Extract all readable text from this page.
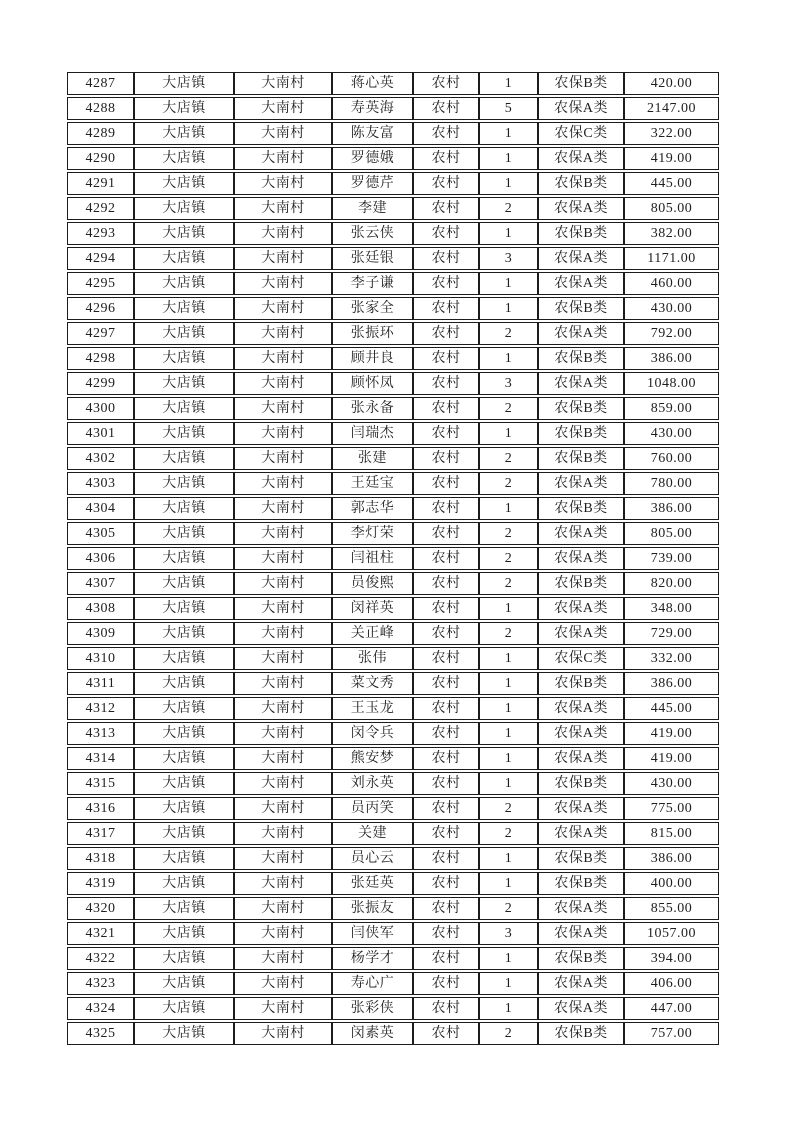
4287	大店镇	大南村	蒋心英	农村	1	农保B类	420.00
4288	大店镇	大南村	寿英海	农村	5	农保A类	2147.00
4289	大店镇	大南村	陈友富	农村	1	农保C类	322.00
4290	大店镇	大南村	罗德娥	农村	1	农保A类	419.00
4291	大店镇	大南村	罗德芹	农村	1	农保B类	445.00
4292	大店镇	大南村	李建	农村	2	农保A类	805.00
4293	大店镇	大南村	张云侠	农村	1	农保B类	382.00
4294	大店镇	大南村	张廷银	农村	3	农保A类	1171.00
4295	大店镇	大南村	李子谦	农村	1	农保A类	460.00
4296	大店镇	大南村	张家全	农村	1	农保B类	430.00
4297	大店镇	大南村	张振环	农村	2	农保A类	792.00
4298	大店镇	大南村	顾井良	农村	1	农保B类	386.00
4299	大店镇	大南村	顾怀凤	农村	3	农保A类	1048.00
4300	大店镇	大南村	张永备	农村	2	农保B类	859.00
4301	大店镇	大南村	闫瑞杰	农村	1	农保B类	430.00
4302	大店镇	大南村	张建	农村	2	农保B类	760.00
4303	大店镇	大南村	王廷宝	农村	2	农保A类	780.00
4304	大店镇	大南村	郭志华	农村	1	农保B类	386.00
4305	大店镇	大南村	李灯荣	农村	2	农保A类	805.00
4306	大店镇	大南村	闫祖柱	农村	2	农保A类	739.00
4307	大店镇	大南村	员俊熙	农村	2	农保B类	820.00
4308	大店镇	大南村	闵祥英	农村	1	农保A类	348.00
4309	大店镇	大南村	关正峰	农村	2	农保A类	729.00
4310	大店镇	大南村	张伟	农村	1	农保C类	332.00
4311	大店镇	大南村	菜文秀	农村	1	农保B类	386.00
4312	大店镇	大南村	王玉龙	农村	1	农保A类	445.00
4313	大店镇	大南村	闵令兵	农村	1	农保A类	419.00
4314	大店镇	大南村	熊安梦	农村	1	农保A类	419.00
4315	大店镇	大南村	刘永英	农村	1	农保B类	430.00
4316	大店镇	大南村	员丙笑	农村	2	农保A类	775.00
4317	大店镇	大南村	关建	农村	2	农保A类	815.00
4318	大店镇	大南村	员心云	农村	1	农保B类	386.00
4319	大店镇	大南村	张廷英	农村	1	农保B类	400.00
4320	大店镇	大南村	张振友	农村	2	农保A类	855.00
4321	大店镇	大南村	闫侠军	农村	3	农保A类	1057.00
4322	大店镇	大南村	杨学才	农村	1	农保B类	394.00
4323	大店镇	大南村	寿心广	农村	1	农保A类	406.00
4324	大店镇	大南村	张彩侠	农村	1	农保A类	447.00
4325	大店镇	大南村	闵素英	农村	2	农保B类	757.00
